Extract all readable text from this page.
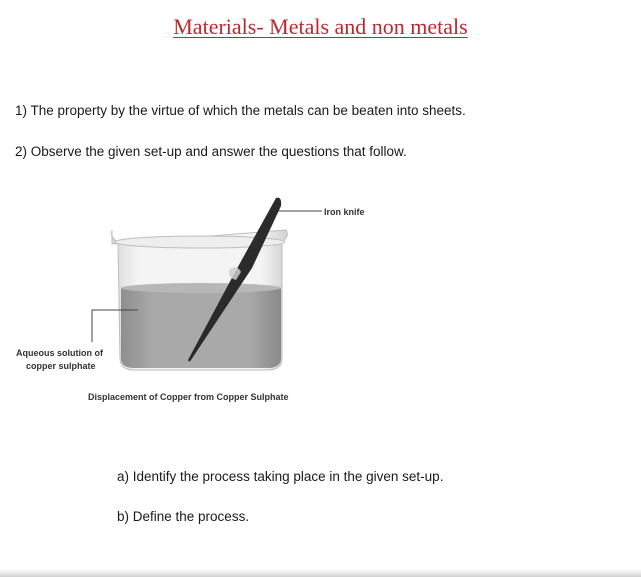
Materials- Metals and non metals
1) The property by the virtue of which the metals can be beaten into sheets.
2) Observe the given set-up and answer the questions that follow.
Iron knife
Aqueous solution of
copper sulphate
Displacement of Copper from Copper Sulphate
a) Identify the process taking place in the given set-up.
b) Define the process.
